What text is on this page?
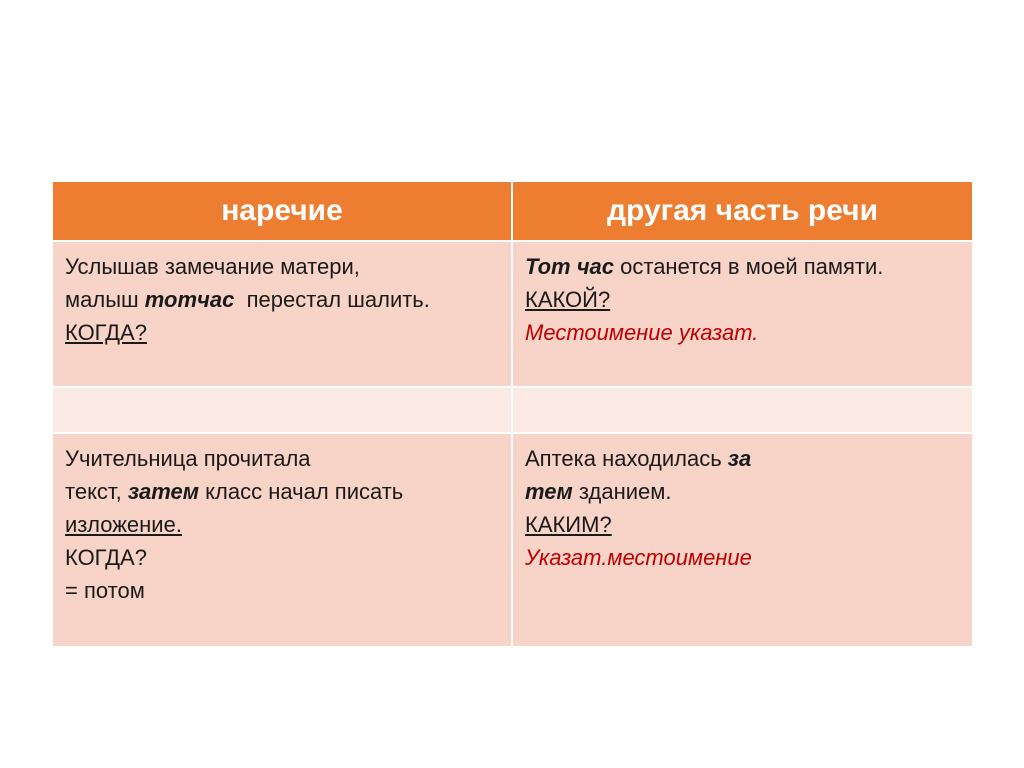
наречие	другая часть речи

Услышав замечание матери,
малыш тотчас  перестал шалить.
КОГДА?	Тот час останется в моей памяти.
КАКОЙ?
Местоимение указат.

Учительница прочитала
текст, затем класс начал писать
изложение.
КОГДА?
= потом	Аптека находилась за
тем зданием.
КАКИМ?
Указат.местоимение
